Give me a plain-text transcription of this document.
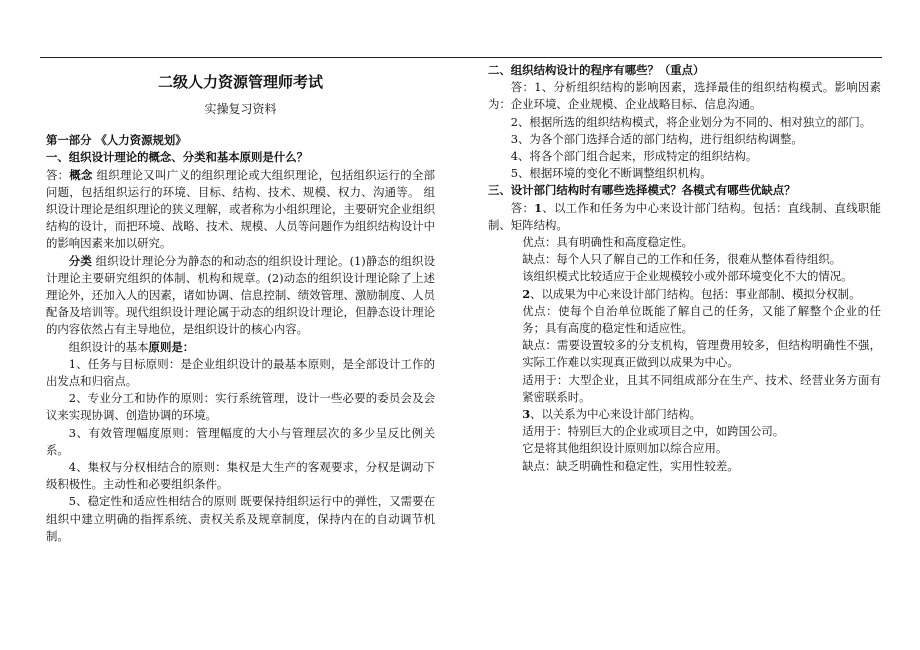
二级人力资源管理师考试

实操复习资料

第一部分 《人力资源规划》

一、组织设计理论的概念、分类和基本原则是什么？

答：概念 组织理论又叫广义的组织理论或大组织理论，包括组织运行的全部问题，包括组织运行的环境、目标、结构、技术、规模、权力、沟通等。 组织设计理论是组织理论的狭义理解，或者称为小组织理论，主要研究企业组织结构的设计，而把环境、战略、技术、规模、人员等问题作为组织结构设计中的影响因素来加以研究。

分类 组织设计理论分为静态的和动态的组织设计理论。(1)静态的组织设计理论主要研究组织的体制、机构和规章。(2)动态的组织设计理论除了上述理论外，还加入人的因素，诸如协调、信息控制、绩效管理、激励制度、人员配备及培训等。现代组织设计理论属于动态的组织设计理论，但静态设计理论的内容依然占有主导地位，是组织设计的核心内容。

组织设计的基本原则是：

1、任务与目标原则：是企业组织设计的最基本原则，是全部设计工作的出发点和归宿点。

2、专业分工和协作的原则：实行系统管理，设计一些必要的委员会及会议来实现协调、创造协调的环境。

3、有效管理幅度原则：管理幅度的大小与管理层次的多少呈反比例关系。

4、集权与分权相结合的原则：集权是大生产的客观要求，分权是调动下级积极性。主动性和必要组织条件。

5、稳定性和适应性相结合的原则 既要保持组织运行中的弹性，又需要在组织中建立明确的指挥系统、责权关系及规章制度，保持内在的自动调节机制。

二、组织结构设计的程序有哪些？（重点）

答：1、分析组织结构的影响因素，选择最佳的组织结构模式。影响因素为：企业环境、企业规模、企业战略目标、信息沟通。

2、根据所选的组织结构模式，将企业划分为不同的、相对独立的部门。

3、为各个部门选择合适的部门结构，进行组织结构调整。

4、将各个部门组合起来，形成特定的组织结构。

5、根据环境的变化不断调整组织机构。

三、设计部门结构时有哪些选择模式？各模式有哪些优缺点？

答：1、以工作和任务为中心来设计部门结构。包括：直线制、直线职能制、矩阵结构。

优点：具有明确性和高度稳定性。

缺点：每个人只了解自己的工作和任务，很难从整体看待组织。

该组织模式比较适应于企业规模较小或外部环境变化不大的情况。

2、以成果为中心来设计部门结构。包括：事业部制、模拟分权制。

优点：使每个自治单位既能了解自己的任务，又能了解整个企业的任务；具有高度的稳定性和适应性。

缺点：需要设置较多的分支机构，管理费用较多，但结构明确性不强，实际工作难以实现真正做到以成果为中心。

适用于：大型企业，且其不同组成部分在生产、技术、经营业务方面有紧密联系时。

3、以关系为中心来设计部门结构。

适用于：特别巨大的企业或项目之中，如跨国公司。

它是将其他组织设计原则加以综合应用。

缺点：缺乏明确性和稳定性，实用性较差。
